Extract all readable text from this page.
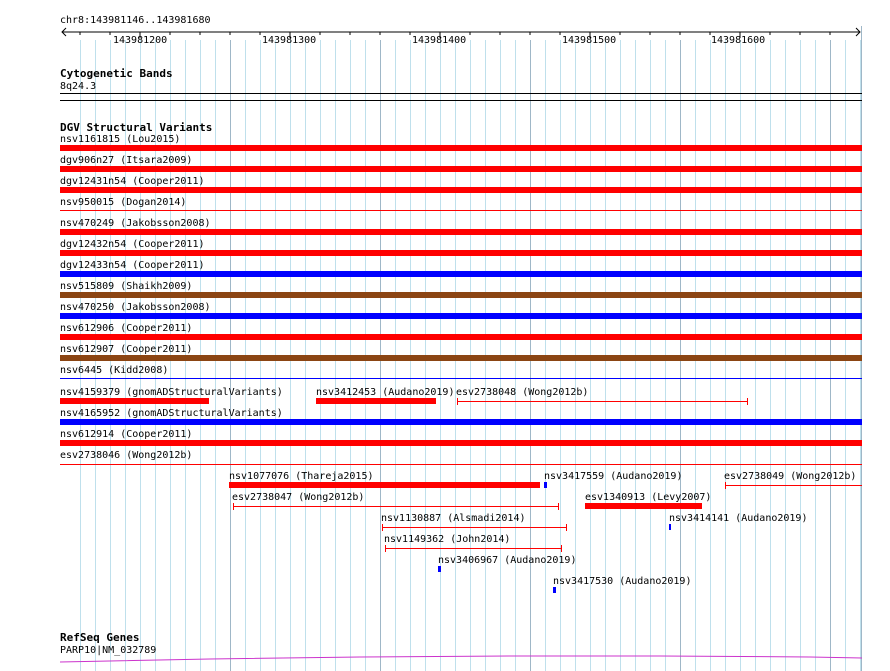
chr8:143981146..143981680
143981200	143981300	143981400	143981500	143981600
Cytogenetic Bands
8q24.3
DGV Structural Variants
nsv1161815 (Lou2015)
dgv906n27 (Itsara2009)
dgv12431n54 (Cooper2011)
nsv950015 (Dogan2014)
nsv470249 (Jakobsson2008)
dgv12432n54 (Cooper2011)
dgv12433n54 (Cooper2011)
nsv515809 (Shaikh2009)
nsv470250 (Jakobsson2008)
nsv612906 (Cooper2011)
nsv612907 (Cooper2011)
nsv6445 (Kidd2008)
nsv4159379 (gnomADStructuralVariants)	nsv3412453 (Audano2019) esv2738048 (Wong2012b)
nsv4165952 (gnomADStructuralVariants)
nsv612914 (Cooper2011)
esv2738046 (Wong2012b)
nsv1077076 (Thareja2015)	nsv3417559 (Audano2019)	esv2738049 (Wong2012b)
esv2738047 (Wong2012b)	esv1340913 (Levy2007)
nsv1130887 (Alsmadi2014)	nsv3414141 (Audano2019)
nsv1149362 (John2014)
nsv3406967 (Audano2019)
nsv3417530 (Audano2019)
RefSeq Genes
PARP10|NM_032789
